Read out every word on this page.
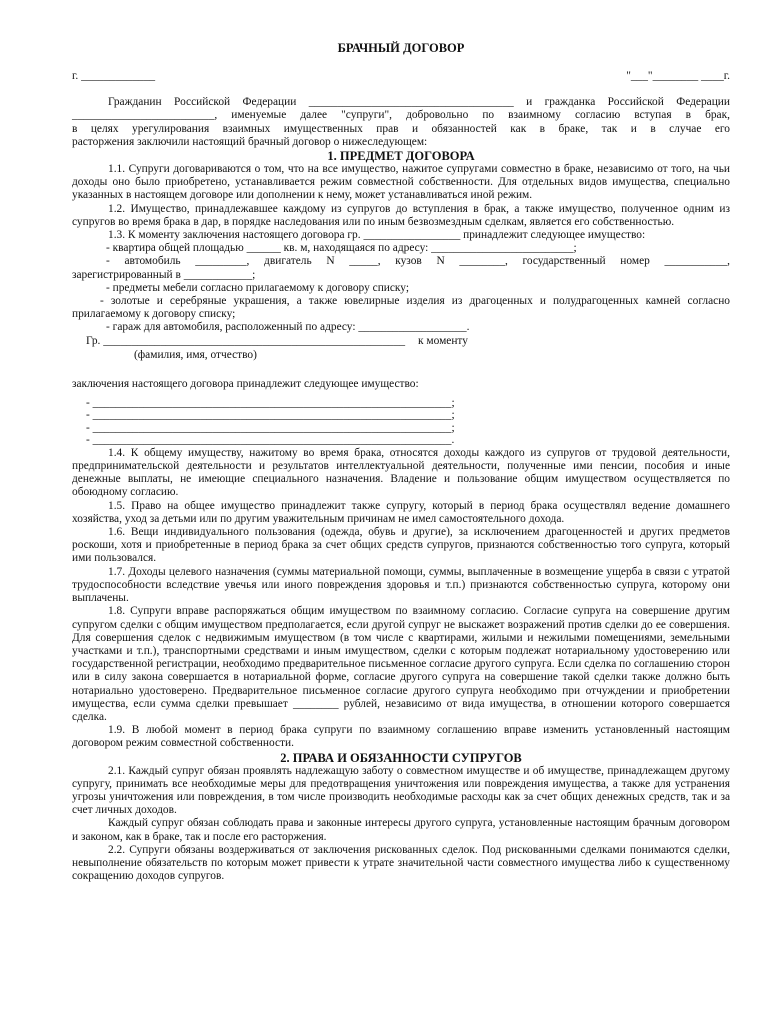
БРАЧНЫЙ ДОГОВОР
г. _____________	"___"________ ____г.

Гражданин Российской Федерации ____________________________________ и гражданка Российской Федерации

_________________________, именуемые далее "супруги", добровольно по взаимному согласию вступая в брак,

в целях урегулирования взаимных имущественных прав и обязанностей как в браке, так и в случае его

расторжения заключили настоящий брачный договор о нижеследующем:

1. ПРЕДМЕТ ДОГОВОРА

1.1. Супруги договариваются о том, что на все имущество, нажитое супругами совместно в браке, независимо от того, на чьи доходы оно было приобретено, устанавливается режим совместной собственности. Для отдельных видов имущества, специально указанных в настоящем договоре или дополнении к нему, может устанавливаться иной режим.

1.2. Имущество, принадлежавшее каждому из супругов до вступления в брак, а также имущество, полученное одним из супругов во время брака в дар, в порядке наследования или по иным безвозмездным сделкам, является его собственностью.

1.3. К моменту заключения настоящего договора гр. _________________ принадлежит следующее имущество:

- квартира общей площадью ______ кв. м, находящаяся по адресу: _________________________;

- автомобиль _________, двигатель N _____, кузов N ________, государственный номер ___________,

зарегистрированный в ____________;

- предметы мебели согласно прилагаемому к договору списку;

- золотые и серебряные украшения, а также ювелирные изделия из драгоценных и полудрагоценных камней согласно прилагаемому к договору списку;

- гараж для автомобиля, расположенный по адресу: ___________________.

Гр. _____________________________________________________ к моменту
(фамилия, имя, отчество)

заключения настоящего договора принадлежит следующее имущество:

- _______________________________________________________________;
- _______________________________________________________________;
- _______________________________________________________________;
- _______________________________________________________________.

1.4. К общему имуществу, нажитому во время брака, относятся доходы каждого из супругов от трудовой деятельности, предпринимательской деятельности и результатов интеллектуальной деятельности, полученные ими пенсии, пособия и иные денежные выплаты, не имеющие специального назначения. Владение и пользование общим имуществом осуществляется по обоюдному согласию.

1.5. Право на общее имущество принадлежит также супругу, который в период брака осуществлял ведение домашнего хозяйства, уход за детьми или по другим уважительным причинам не имел самостоятельного дохода.

1.6. Вещи индивидуального пользования (одежда, обувь и другие), за исключением драгоценностей и других предметов роскоши, хотя и приобретенные в период брака за счет общих средств супругов, признаются собственностью того супруга, который ими пользовался.

1.7. Доходы целевого назначения (суммы материальной помощи, суммы, выплаченные в возмещение ущерба в связи с утратой трудоспособности вследствие увечья или иного повреждения здоровья и т.п.) признаются собственностью супруга, которому они выплачены.

1.8. Супруги вправе распоряжаться общим имуществом по взаимному согласию. Согласие супруга на совершение другим супругом сделки с общим имуществом предполагается, если другой супруг не выскажет возражений против сделки до ее совершения. Для совершения сделок с недвижимым имуществом (в том числе с квартирами, жилыми и нежилыми помещениями, земельными участками и т.п.), транспортными средствами и иным имуществом, сделки с которым подлежат нотариальному удостоверению или государственной регистрации, необходимо предварительное письменное согласие другого супруга. Если сделка по соглашению сторон или в силу закона совершается в нотариальной форме, согласие другого супруга на совершение такой сделки также должно быть нотариально удостоверено. Предварительное письменное согласие другого супруга необходимо при отчуждении и приобретении имущества, если сумма сделки превышает ________ рублей, независимо от вида имущества, в отношении которого совершается сделка.

1.9. В любой момент в период брака супруги по взаимному соглашению вправе изменить установленный настоящим договором режим совместной собственности.

2. ПРАВА И ОБЯЗАННОСТИ СУПРУГОВ

2.1. Каждый супруг обязан проявлять надлежащую заботу о совместном имуществе и об имуществе, принадлежащем другому супругу, принимать все необходимые меры для предотвращения уничтожения или повреждения имущества, а также для устранения угрозы уничтожения или повреждения, в том числе производить необходимые расходы как за счет общих денежных средств, так и за счет личных доходов.

Каждый супруг обязан соблюдать права и законные интересы другого супруга, установленные настоящим брачным договором и законом, как в браке, так и после его расторжения.

2.2. Супруги обязаны воздерживаться от заключения рискованных сделок. Под рискованными сделками понимаются сделки, невыполнение обязательств по которым может привести к утрате значительной части совместного имущества либо к существенному сокращению доходов супругов.
